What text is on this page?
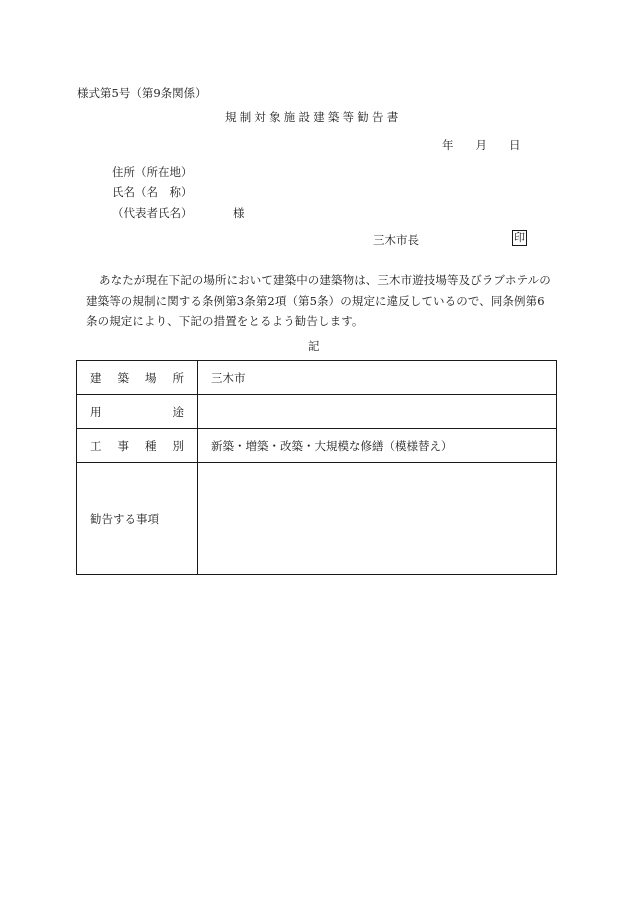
様式第5号（第9条関係）
規制対象施設建築等勧告書
年 月 日
住所（所在地）
氏名（名　称）
（代表者氏名）	様
三木市長	印
あなたが現在下記の場所において建築中の建築物は、三木市遊技場等及びラブホテルの建築等の規制に関する条例第3条第2項（第5条）の規定に違反しているので、同条例第6条の規定により、下記の措置をとるよう勧告します。
記
建 築 場 所	三木市

用 途	

工 事 種 別	新築・増築・改築・大規模な修繕（模様替え）
勧告する事項	
